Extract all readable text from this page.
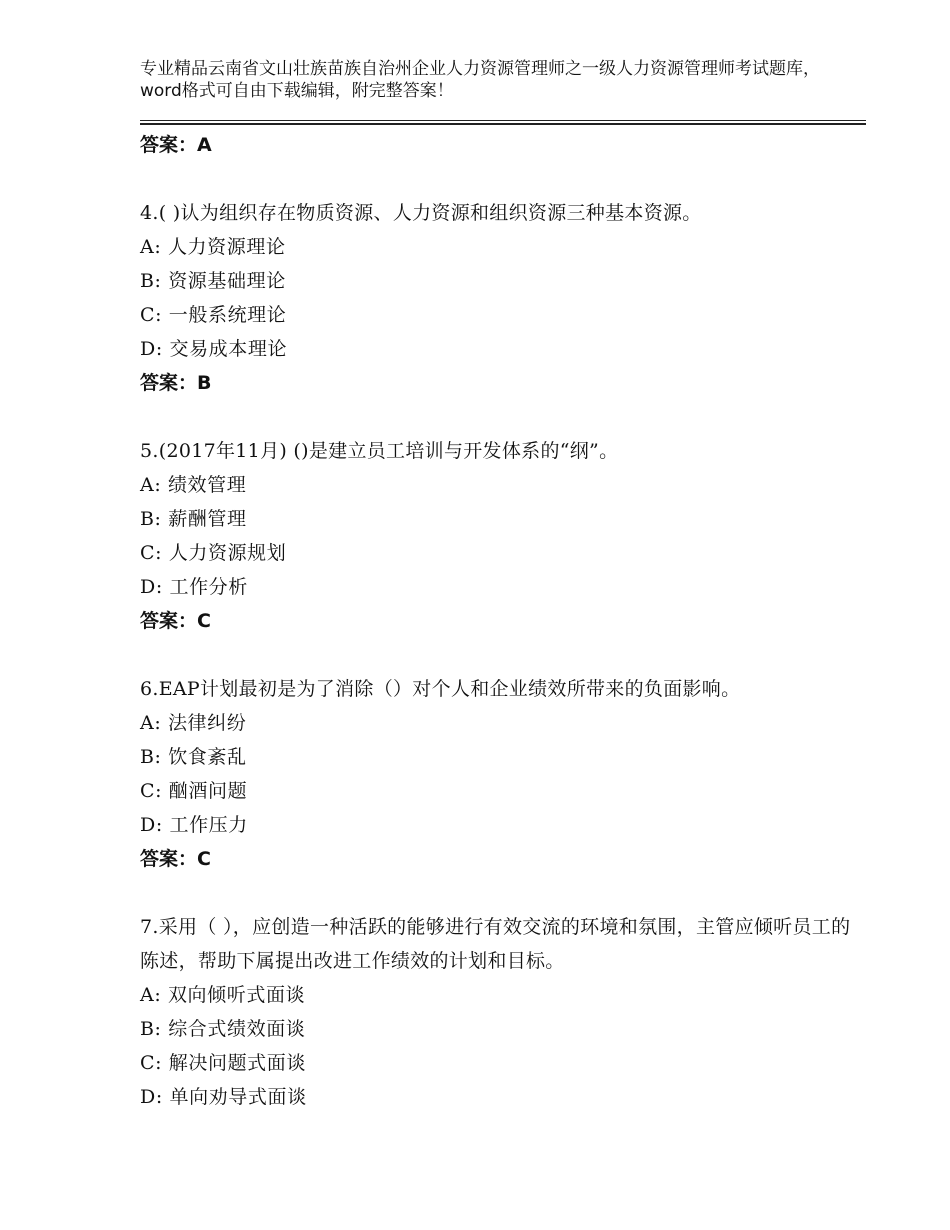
专业精品云南省文山壮族苗族自治州企业人力资源管理师之一级人力资源管理师考试题库，word格式可自由下载编辑，附完整答案！
答案：A
4.( )认为组织存在物质资源、人力资源和组织资源三种基本资源。
A: 人力资源理论
B: 资源基础理论
C: 一般系统理论
D: 交易成本理论
答案：B
5.(2017年11月) ()是建立员工培训与开发体系的“纲”。
A: 绩效管理
B: 薪酬管理
C: 人力资源规划
D: 工作分析
答案：C
6.EAP计划最初是为了消除（）对个人和企业绩效所带来的负面影响。
A: 法律纠纷
B: 饮食紊乱
C: 酗酒问题
D: 工作压力
答案：C
7.采用（ ），应创造一种活跃的能够进行有效交流的环境和氛围，主管应倾听员工的陈述，帮助下属提出改进工作绩效的计划和目标。
A: 双向倾听式面谈
B: 综合式绩效面谈
C: 解决问题式面谈
D: 单向劝导式面谈
